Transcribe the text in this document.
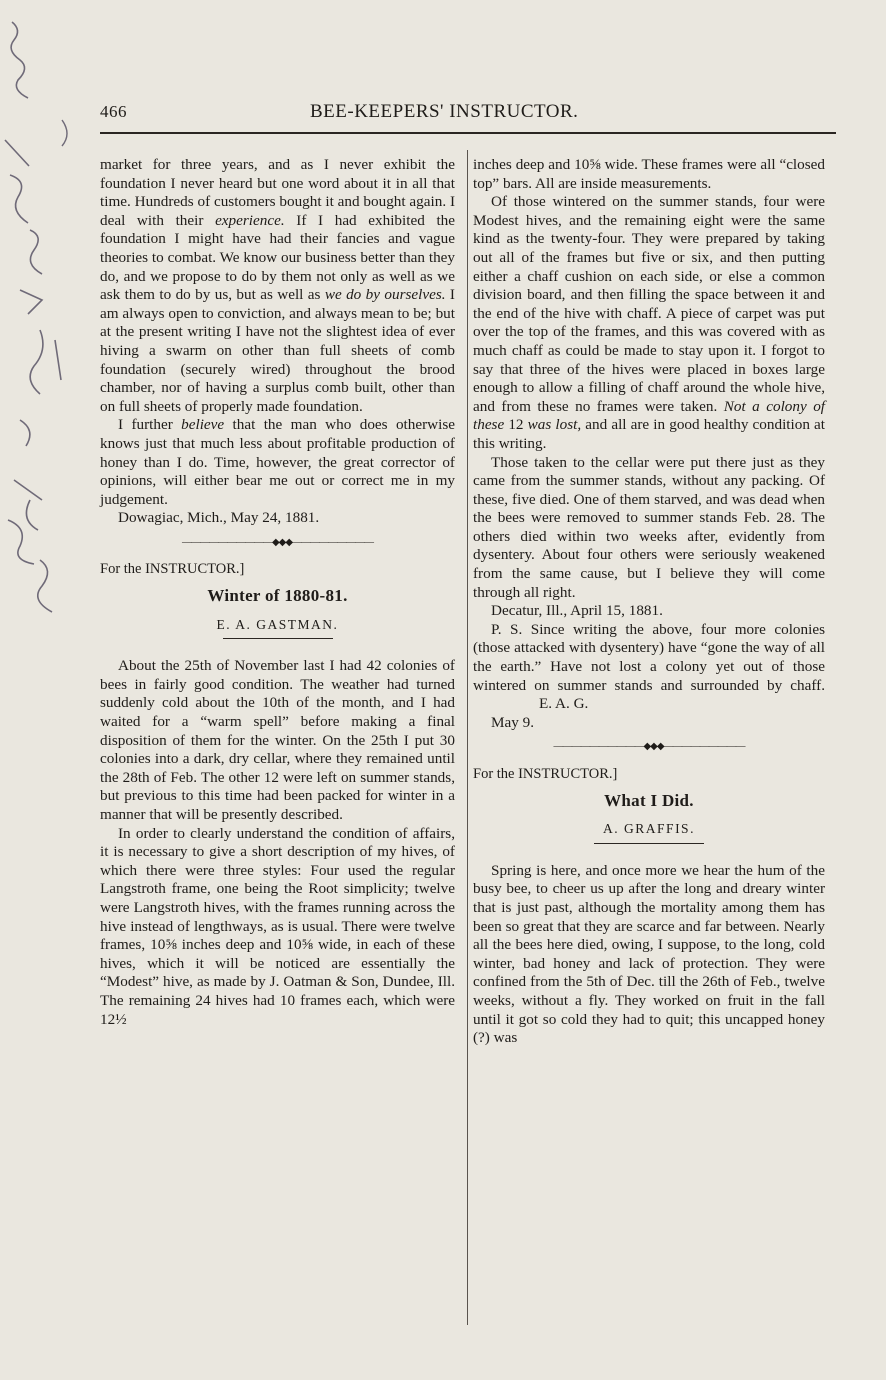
466	BEE-KEEPERS' INSTRUCTOR.

market for three years, and as I never exhibit the foundation I never heard but one word about it in all that time. Hundreds of customers bought it and bought again. I deal with their experience. If I had exhibited the foundation I might have had their fancies and vague theories to combat. We know our business better than they do, and we propose to do by them not only as well as we ask them to do by us, but as well as we do by ourselves. I am always open to conviction, and always mean to be; but at the present writing I have not the slightest idea of ever hiving a swarm on other than full sheets of comb foundation (securely wired) throughout the brood chamber, nor of having a surplus comb built, other than on full sheets of properly made foundation.

I further believe that the man who does otherwise knows just that much less about profitable production of honey than I do. Time, however, the great corrector of opinions, will either bear me out or correct me in my judgement.

Dowagiac, Mich., May 24, 1881.

——————————◆◆◆—————————

For the INSTRUCTOR.]

Winter of 1880-81.

E. A. GASTMAN.

About the 25th of November last I had 42 colonies of bees in fairly good condition. The weather had turned suddenly cold about the 10th of the month, and I had waited for a “warm spell” before making a final disposition of them for the winter. On the 25th I put 30 colonies into a dark, dry cellar, where they remained until the 28th of Feb. The other 12 were left on summer stands, but previous to this time had been packed for winter in a manner that will be presently described.

In order to clearly understand the condition of affairs, it is necessary to give a short description of my hives, of which there were three styles: Four used the regular Langstroth frame, one being the Root simplicity; twelve were Langstroth hives, with the frames running across the hive instead of lengthways, as is usual. There were twelve frames, 10⅝ inches deep and 10⅝ wide, in each of these hives, which it will be noticed are essentially the “Modest” hive, as made by J. Oatman & Son, Dundee, Ill. The remaining 24 hives had 10 frames each, which were 12½

inches deep and 10⅝ wide. These frames were all “closed top” bars. All are inside measurements.

Of those wintered on the summer stands, four were Modest hives, and the remaining eight were the same kind as the twenty-four. They were prepared by taking out all of the frames but five or six, and then putting either a chaff cushion on each side, or else a common division board, and then filling the space between it and the end of the hive with chaff. A piece of carpet was put over the top of the frames, and this was covered with as much chaff as could be made to stay upon it. I forgot to say that three of the hives were placed in boxes large enough to allow a filling of chaff around the whole hive, and from these no frames were taken. Not a colony of these 12 was lost, and all are in good healthy condition at this writing.

Those taken to the cellar were put there just as they came from the summer stands, without any packing. Of these, five died. One of them starved, and was dead when the bees were removed to summer stands Feb. 28. The others died within two weeks after, evidently from dysentery. About four others were seriously weakened from the same cause, but I believe they will come through all right.

Decatur, Ill., April 15, 1881.

P. S. Since writing the above, four more colonies (those attacked with dysentery) have “gone the way of all the earth.” Have not lost a colony yet out of those wintered on summer stands and surrounded by chaff.E. A. G.

May 9.

——————————◆◆◆—————————

For the INSTRUCTOR.]

What I Did.

A. GRAFFIS.

Spring is here, and once more we hear the hum of the busy bee, to cheer us up after the long and dreary winter that is just past, although the mortality among them has been so great that they are scarce and far between. Nearly all the bees here died, owing, I suppose, to the long, cold winter, bad honey and lack of protection. They were confined from the 5th of Dec. till the 26th of Feb., twelve weeks, without a fly. They worked on fruit in the fall until it got so cold they had to quit; this uncapped honey (?) was
